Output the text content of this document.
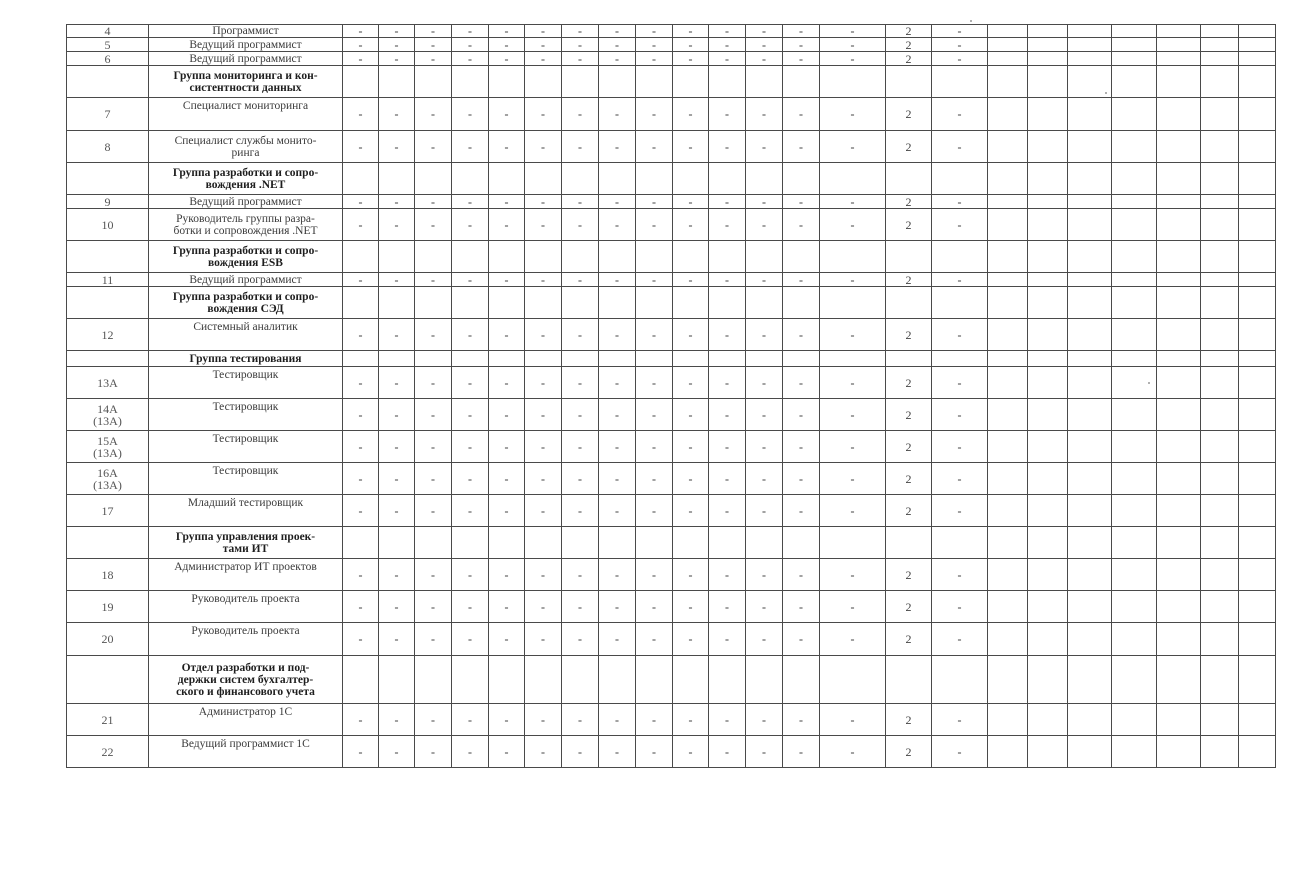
4	Программист	-	-	-	-	-	-	-	-	-	-	-	-	-	-	2	-							
5	Ведущий программист	-	-	-	-	-	-	-	-	-	-	-	-	-	-	2	-							
6	Ведущий программист	-	-	-	-	-	-	-	-	-	-	-	-	-	-	2	-							
	Группа мониторинга и кон-
систентности данных																							
7	Специалист мониторинга	-	-	-	-	-	-	-	-	-	-	-	-	-	-	2	-							
8	Специалист службы монито-
ринга	-	-	-	-	-	-	-	-	-	-	-	-	-	-	2	-							
	Группа разработки и сопро-
вождения .NET																							
9	Ведущий программист	-	-	-	-	-	-	-	-	-	-	-	-	-	-	2	-							
10	Руководитель группы разра-
ботки и сопровождения .NET	-	-	-	-	-	-	-	-	-	-	-	-	-	-	2	-							
	Группа разработки и сопро-
вождения ESB																							
11	Ведущий программист	-	-	-	-	-	-	-	-	-	-	-	-	-	-	2	-							
	Группа разработки и сопро-
вождения СЭД																							
12	Системный аналитик	-	-	-	-	-	-	-	-	-	-	-	-	-	-	2	-							
	Группа тестирования																							
13А	Тестировщик	-	-	-	-	-	-	-	-	-	-	-	-	-	-	2	-							
14А
(13А)	Тестировщик	-	-	-	-	-	-	-	-	-	-	-	-	-	-	2	-							
15А
(13А)	Тестировщик	-	-	-	-	-	-	-	-	-	-	-	-	-	-	2	-							
16А
(13А)	Тестировщик	-	-	-	-	-	-	-	-	-	-	-	-	-	-	2	-							
17	Младший тестировщик	-	-	-	-	-	-	-	-	-	-	-	-	-	-	2	-							
	Группа управления проек-
тами ИТ																							
18	Администратор ИТ проектов	-	-	-	-	-	-	-	-	-	-	-	-	-	-	2	-							
19	Руководитель проекта	-	-	-	-	-	-	-	-	-	-	-	-	-	-	2	-							
20	Руководитель проекта	-	-	-	-	-	-	-	-	-	-	-	-	-	-	2	-							
	Отдел разработки и под-
держки систем бухгалтер-
ского и финансового учета																							
21	Администратор 1С	-	-	-	-	-	-	-	-	-	-	-	-	-	-	2	-							
22	Ведущий программист 1С	-	-	-	-	-	-	-	-	-	-	-	-	-	-	2	-							
